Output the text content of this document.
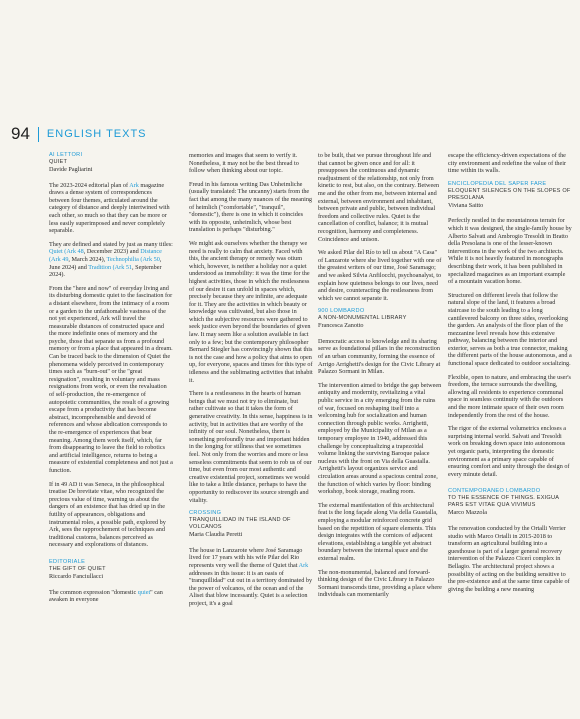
94 ENGLISH TEXTS
AI LETTORI
QUIET
Davide Pagliarini

The 2023-2024 editorial plan of Ark magazine draws a dense system of correspondences between four themes, articulated around the category of distance and deeply intertwined with each other, so much so that they can be more or less easily superimposed and never completely separable.

They are defined and stated by just as many titles: Quiet (Ark 48, December 2023) and Distance (Ark 49, March 2024), Technophilia (Ark 50, June 2024) and Tradition (Ark 51, September 2024).

From the "here and now" of everyday living and its disturbing domestic quiet to the fascination for a distant elsewhere, from the intimacy of a room or a garden to the unfathomable vastness of the not yet experienced, Ark will travel the measurable distances of constructed space and the more indefinite ones of memory and the psyche, those that separate us from a profound memory or from a place that appeared in a dream. Can be traced back to the dimension of Quiet the phenomena widely perceived in contemporary times such as "burn-out" or the "great resignation", resulting in voluntary and mass resignations from work, or even the revaluation of self-production, the re-emergence of autopoietic communities, the result of a growing escape from a productivity that has become abstract, incomprehensible and devoid of references and whose abdication corresponds to the re-emergence of experiences that bear meaning. Among them work itself, which, far from disappearing to leave the field to robotics and artificial intelligence, returns to being a measure of existential completeness and not just a function.

If in 49 AD it was Seneca, in the philosophical treatise De brevitate vitae, who recognized the precious value of time, warning us about the dangers of an existence that has dried up in the futility of appearances, obligations and instrumental roles, a possible path, explored by Ark, sees the rapprochement of techniques and traditional customs, balances perceived as necessary and explorations of distances.

EDITORIALE
THE GIFT OF QUIET
Riccardo Fanciullacci

The common expression "domestic quiet" can awaken in everyone

memories and images that seem to verify it. Nonetheless, it may not be the best thread to follow when thinking about our topic.

Freud in his famous writing Das Unheimliche (usually translated: The uncanny) starts from the fact that among the many nuances of the meaning of heimlich ("comfortable", "tranquil", "domestic"), there is one in which it coincides with its opposite, unheimlich, whose best translation is perhaps "disturbing."

We might ask ourselves whether the therapy we need is really to calm that anxiety. Faced with this, the ancient therapy or remedy was otium which, however, is neither a holiday nor a quiet understood as immobility: it was the time for the highest activities, those in which the restlessness of our desire it can unfold in spaces which, precisely because they are infinite, are adequate for it. They are the activities in which beauty or knowledge was cultivated, but also those in which the subjective resources were gathered to seek justice even beyond the boundaries of given law. It may seem like a solution available in fact only to a few; but the contemporary philosopher Bernard Stiegler has convincingly shown that this is not the case and how a policy that aims to open up, for everyone, spaces and times for this type of idleness and the sublimating activities that inhabit it.

There is a restlessness in the hearts of human beings that we must not try to eliminate, but rather cultivate so that it takes the form of generative creativity. In this sense, happiness is in activity, but in activities that are worthy of the infinity of our soul. Nonetheless, there is something profoundly true and important hidden in the longing for stillness that we sometimes feel. Not only from the worries and more or less senseless commitments that seem to rob us of our time, but even from our most authentic and creative existential project, sometimes we would like to take a little distance, perhaps to have the opportunity to rediscover its source strength and vitality.

CROSSING
TRANQUILLIDAD IN THE ISLAND OF VOLCANOS
Maria Claudia Peretti

The house in Lanzarote where José Saramago lived for 17 years with his wife Pilar del Rio represents very well the theme of Quiet that Ark addresses in this issue: it is an oasis of "tranquillidad" cut out in a territory dominated by the power of volcanos, of the ocean and of the Alisei that blow incessantly. Quiet is a selection project, it's a goal

to be built, that we pursue throughout life and that cannot be given once and for all: it presupposes the continuous and dynamic readjustment of the relationship, not only from kinetic to rest, but also, on the contrary. Between me and the other from me, between internal and external, between environment and inhabitant, between private and public, between individual freedom and collective rules. Quiet is the cancellation of conflict, balance; it is mutual recognition, harmony and completeness. Coincidence and unison.

We asked Pilar del Río to tell us about "A Casa" of Lanzarote where she lived together with one of the greatest writers of our time, José Saramago; and we asked Silvia Anfilocchi, psychoanalyst, to explain how quietness belongs to our lives, need and desire, counteracting the restlessness from which we cannot separate it.

900 LOMBARDO
A NON-MONUMENTAL LIBRARY
Francesca Zanotto

Democratic access to knowledge and its sharing serve as foundational pillars in the reconstruction of an urban community, forming the essence of Arrigo Arrighetti's design for the Civic Library at Palazzo Sormani in Milan.

The intervention aimed to bridge the gap between antiquity and modernity, revitalizing a vital public service in a city emerging from the ruins of war, focused on reshaping itself into a welcoming hub for socialization and human connection through public works. Arrighetti, employed by the Municipality of Milan as a temporary employee in 1940, addressed this challenge by conceptualizing a trapezoidal volume linking the surviving Baroque palace nucleus with the front on Via della Guastalla. Arrighetti's layout organizes service and circulation areas around a spacious central zone, the function of which varies by floor: binding workshop, book storage, reading room.

The external manifestation of this architectural feat is the long façade along Via della Guastalla, employing a modular reinforced concrete grid based on the repetition of square elements. This design integrates with the cornices of adjacent elevations, establishing a tangible yet abstract boundary between the internal space and the external realm.

The non-monumental, balanced and forward-thinking design of the Civic Library in Palazzo Sormani transcends time, providing a place where individuals can momentarily

escape the efficiency-driven expectations of the city environment and redefine the value of their time within its walls.

ENCICLOPEDIA DEL SAPER FARE
ELOQUENT SILENCES ON THE SLOPES OF PRESOLANA
Viviana Saitto

Perfectly nestled in the mountainous terrain for which it was designed, the single-family house by Alberto Salvati and Ambrogio Tresoldi in Bratto della Presolana is one of the lesser-known interventions in the work of the two architects. While it is not heavily featured in monographs describing their work, it has been published in specialized magazines as an important example of a mountain vacation home.

Structured on different levels that follow the natural slope of the land, it features a broad staircase to the south leading to a long cantilevered balcony on three sides, overlooking the garden. An analysis of the floor plan of the mezzanine level reveals how this extensive pathway, balancing between the interior and exterior, serves as both a true connector, making the different parts of the house autonomous, and a functional space dedicated to outdoor socializing.

Flexible, open to nature, and embracing the user's freedom, the terrace surrounds the dwelling, allowing all residents to experience communal space in seamless continuity with the outdoors and the more intimate space of their own room independently from the rest of the house.

The rigor of the external volumetrics encloses a surprising internal world. Salvati and Tresoldi work on breaking down space into autonomous yet organic parts, interpreting the domestic environment as a primary space capable of ensuring comfort and unity through the design of every minute detail.

CONTEMPORANEO LOMBARDO
TO THE ESSENCE OF THINGS. EXIGUA PARS EST VITAE QUA VIVIMUS
Marco Mazzola

The renovation conducted by the Ortalli Verrier studio with Marco Ortalli in 2015-2018 to transform an agricultural building into a guesthouse is part of a larger general recovery intervention of the Palazzo Cicerì complex in Bellagio. The architectural project shows a possibility of acting on the building sensitive to the pre-existence and at the same time capable of giving the building a new meaning
